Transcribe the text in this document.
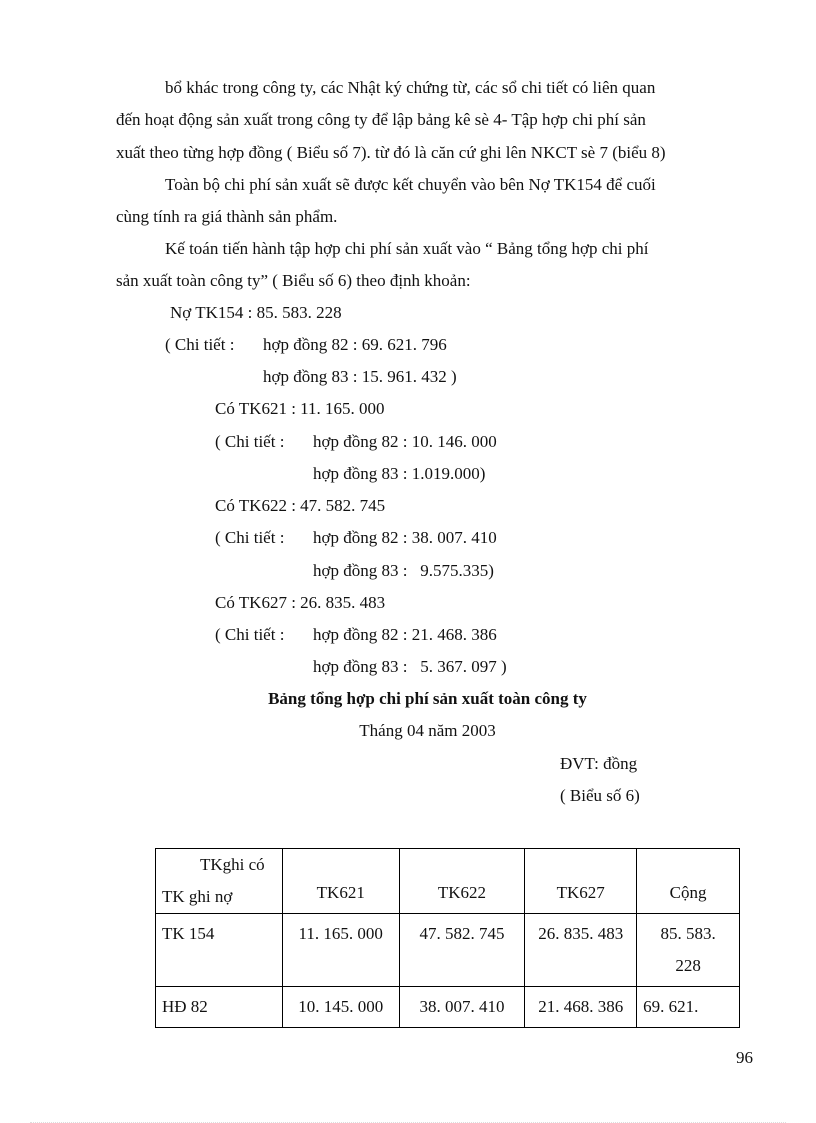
bổ khác trong công ty, các Nhật ký chứng từ, các sổ chi tiết có liên quan
đến hoạt động sản xuất trong công ty để lập bảng kê sè 4- Tập hợp chi phí sản
xuất theo từng hợp đồng ( Biểu số 7). từ đó là căn cứ ghi lên NKCT sè 7 (biểu 8)
Toàn bộ chi phí sản xuất sẽ được kết chuyển vào bên Nợ TK154 để cuối
cùng tính ra giá thành sản phẩm.
Kế toán tiến hành tập hợp chi phí sản xuất vào “ Bảng tổng hợp chi phí
sản xuất toàn công ty” ( Biểu số 6) theo định khoản:
Nợ TK154 : 85. 583. 228
( Chi tiết : hợp đồng 82 : 69. 621. 796
hợp đồng 83 : 15. 961. 432 )
Có TK621 : 11. 165. 000
( Chi tiết : hợp đồng 82 : 10. 146. 000
hợp đồng 83 : 1.019.000)
Có TK622 : 47. 582. 745
( Chi tiết : hợp đồng 82 : 38. 007. 410
hợp đồng 83 :   9.575.335)
Có TK627 : 26. 835. 483
( Chi tiết : hợp đồng 82 : 21. 468. 386
hợp đồng 83 :   5. 367. 097 )
Bảng tổng hợp chi phí sản xuất toàn công ty
Tháng 04 năm 2003
ĐVT: đồng
( Biểu số 6)
TKghi có
TK ghi nợ	TK621	TK622	TK627	Cộng
TK 154	11. 165. 000	47. 582. 745	26. 835. 483	85. 583. 228
HĐ 82	10. 145. 000	38. 007. 410	21. 468. 386	69. 621.
96
